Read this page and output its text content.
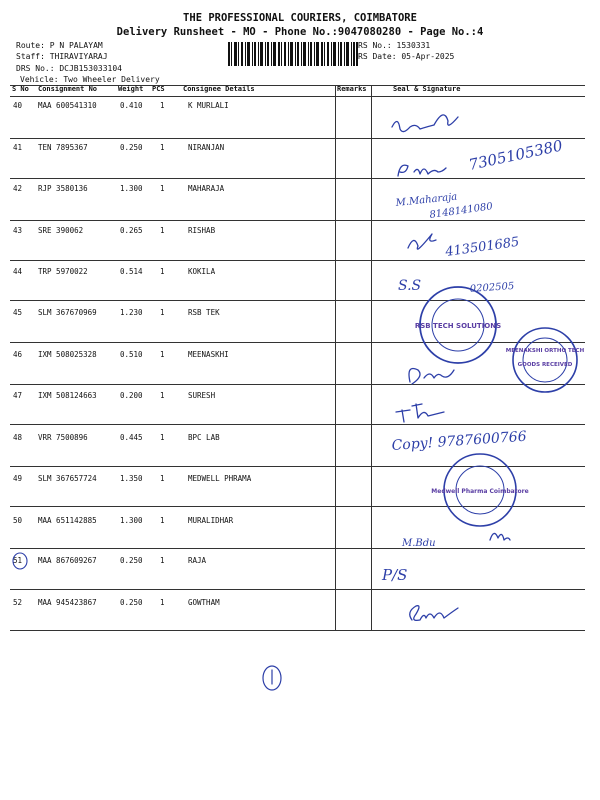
THE PROFESSIONAL COURIERS, COIMBATORE
Delivery Runsheet - MO - Phone No.:9047080280 - Page No.:4
Route: P N PALAYAM
Staff: THIRAVIYARAJ
DRS No.: DCJB153033104
Vehicle: Two Wheeler Delivery
RS No.: 1530331
RS Date: 05-Apr-2025
S No Consignment No	Weight PCS	Consignee Details	Remarks	Seal & Signature
40 MAA 600541310	0.410 1	K MURLALI
41 TEN 7895367	0.250 1	NIRANJAN
42 RJP 3580136	1.300 1	MAHARAJA
43 SRE 390062	0.265 1	RISHAB
44 TRP 5970022	0.514 1	KOKILA
45 SLM 367670969	1.230 1	RSB TEK
46 IXM 508025328	0.510 1	MEENASKHI
47 IXM 508124663	0.200 1	SURESH
48 VRR 7500896	0.445 1	BPC LAB
49 SLM 367657724	1.350 1	MEDWELL PHRAMA
50 MAA 651142885	1.300 1	MURALIDHAR
51 MAA 867609267	0.250 1	RAJA
52 MAA 945423867	0.250 1	GOWTHAM
7305105380
M.Maharaja
8148141080
413501685
S.S	0202505
RSB TECH SOLUTIONS
MEENAKSHI ORTHO TECH
GOODS RECEIVED
Copy! 9787600766
Medwell Pharma Coimbatore
M.Bdu
P/S
